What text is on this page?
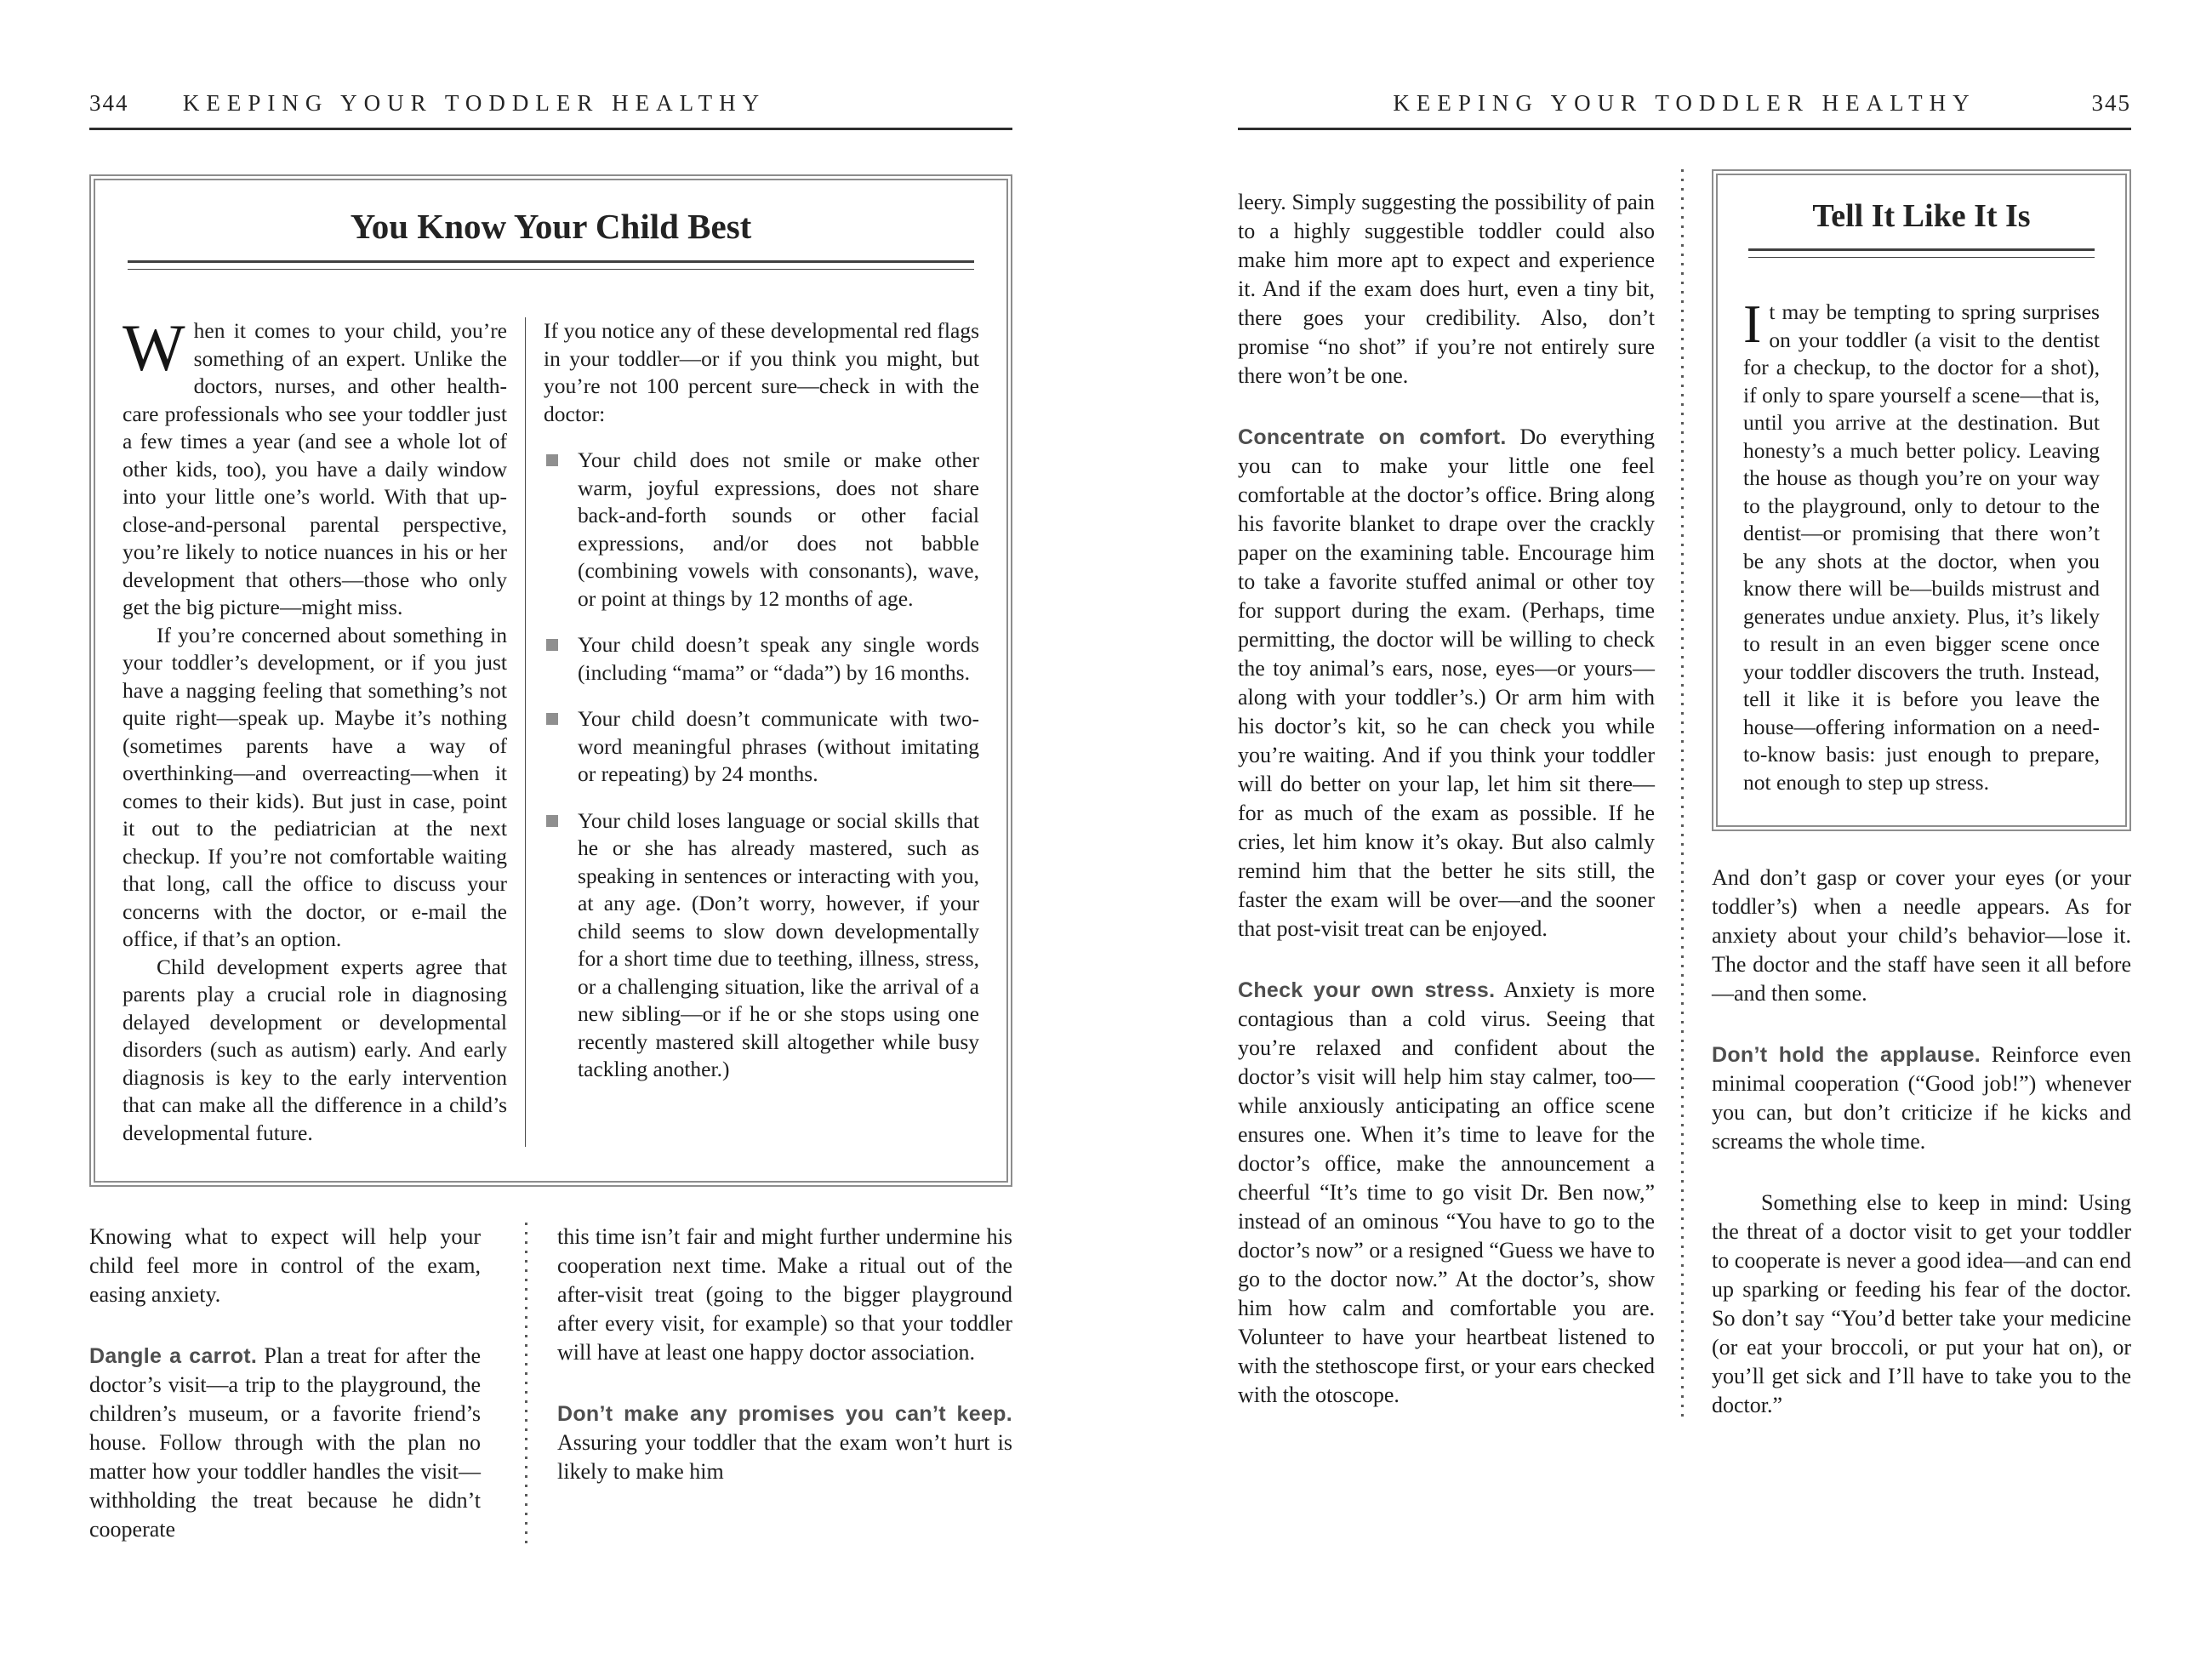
344	KEEPING YOUR TODDLER HEALTHY
You Know Your Child Best

When it comes to your child, you’re something of an expert. Unlike the doctors, nurses, and other health-care professionals who see your toddler just a few times a year (and see a whole lot of other kids, too), you have a daily window into your little one’s world. With that up-close-and-personal parental perspective, you’re likely to notice nuances in his or her development that others—those who only get the big picture—might miss.

If you’re concerned about something in your toddler’s development, or if you just have a nagging feeling that something’s not quite right—speak up. Maybe it’s nothing (sometimes parents have a way of overthinking—and overreacting—when it comes to their kids). But just in case, point it out to the pediatrician at the next checkup. If you’re not comfortable waiting that long, call the office to discuss your concerns with the doctor, or e-mail the office, if that’s an option.

Child development experts agree that parents play a crucial role in diagnosing delayed development or developmental disorders (such as autism) early. And early diagnosis is key to the early intervention that can make all the difference in a child’s developmental future.

If you notice any of these developmental red flags in your toddler—or if you think you might, but you’re not 100 percent sure—check in with the doctor:

Your child does not smile or make other warm, joyful expressions, does not share back-and-forth sounds or other facial expressions, and/or does not babble (combining vowels with consonants), wave, or point at things by 12 months of age.
Your child doesn’t speak any single words (including “mama” or “dada”) by 16 months.
Your child doesn’t communicate with two-word meaningful phrases (without imitating or repeating) by 24 months.
Your child loses language or social skills that he or she has already mastered, such as speaking in sentences or interacting with you, at any age. (Don’t worry, however, if your child seems to slow down developmentally for a short time due to teething, illness, stress, or a challenging situation, like the arrival of a new sibling—or if he or she stops using one recently mastered skill altogether while busy tackling another.)

Knowing what to expect will help your child feel more in control of the exam, easing anxiety.

Dangle a carrot. Plan a treat for after the doctor’s visit—a trip to the playground, the children’s museum, or a favorite friend’s house. Follow through with the plan no matter how your toddler handles the visit—withholding the treat because he didn’t cooperate

this time isn’t fair and might further undermine his cooperation next time. Make a ritual out of the after-visit treat (going to the bigger playground after every visit, for example) so that your toddler will have at least one happy doctor association.

Don’t make any promises you can’t keep. Assuring your toddler that the exam won’t hurt is likely to make him

KEEPING YOUR TODDLER HEALTHY	345

leery. Simply suggesting the possibility of pain to a highly suggestible toddler could also make him more apt to expect and experience it. And if the exam does hurt, even a tiny bit, there goes your credibility. Also, don’t promise “no shot” if you’re not entirely sure there won’t be one.

Concentrate on comfort. Do everything you can to make your little one feel comfortable at the doctor’s office. Bring along his favorite blanket to drape over the crackly paper on the examining table. Encourage him to take a favorite stuffed animal or other toy for support during the exam. (Perhaps, time permitting, the doctor will be willing to check the toy animal’s ears, nose, eyes—or yours—along with your toddler’s.) Or arm him with his doctor’s kit, so he can check you while you’re waiting. And if you think your toddler will do better on your lap, let him sit there—for as much of the exam as possible. If he cries, let him know it’s okay. But also calmly remind him that the better he sits still, the faster the exam will be over—and the sooner that post-visit treat can be enjoyed.

Check your own stress. Anxiety is more contagious than a cold virus. Seeing that you’re relaxed and confident about the doctor’s visit will help him stay calmer, too—while anxiously anticipating an office scene ensures one. When it’s time to leave for the doctor’s office, make the announcement a cheerful “It’s time to go visit Dr. Ben now,” instead of an ominous “You have to go to the doctor’s now” or a resigned “Guess we have to go to the doctor now.” At the doctor’s, show him how calm and comfortable you are. Volunteer to have your heartbeat listened to with the stethoscope first, or your ears checked with the otoscope.

Tell It Like It Is

It may be tempting to spring surprises on your toddler (a visit to the dentist for a checkup, to the doctor for a shot), if only to spare yourself a scene—that is, until you arrive at the destination. But honesty’s a much better policy. Leaving the house as though you’re on your way to the playground, only to detour to the dentist—or promising that there won’t be any shots at the doctor, when you know there will be—builds mistrust and generates undue anxiety. Plus, it’s likely to result in an even bigger scene once your toddler discovers the truth. Instead, tell it like it is before you leave the house—offering information on a need-to-know basis: just enough to prepare, not enough to step up stress.

And don’t gasp or cover your eyes (or your toddler’s) when a needle appears. As for anxiety about your child’s behavior—lose it. The doctor and the staff have seen it all before—and then some.

Don’t hold the applause. Reinforce even minimal cooperation (“Good job!”) whenever you can, but don’t criticize if he kicks and screams the whole time.

Something else to keep in mind: Using the threat of a doctor visit to get your toddler to cooperate is never a good idea—and can end up sparking or feeding his fear of the doctor. So don’t say “You’d better take your medicine (or eat your broccoli, or put your hat on), or you’ll get sick and I’ll have to take you to the doctor.”
